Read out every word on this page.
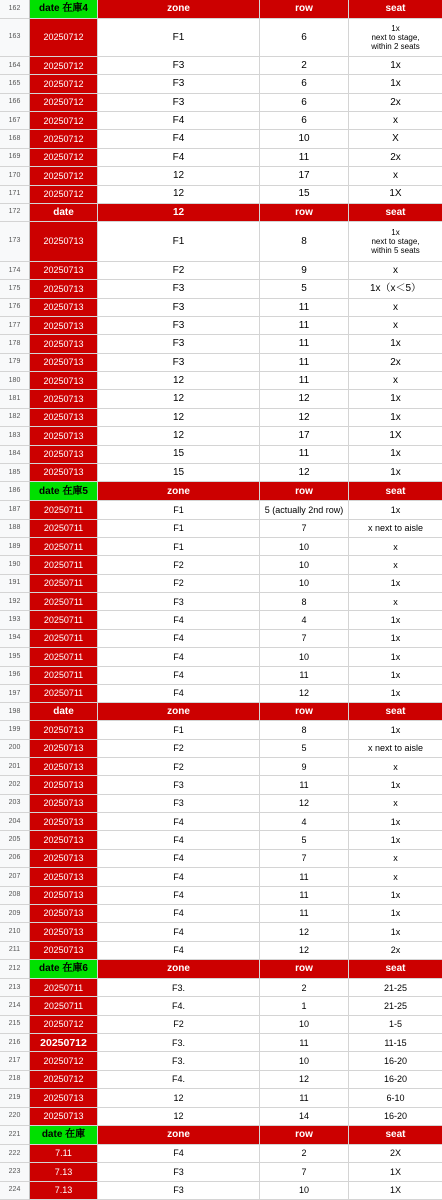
162	date 在庫4	zone	row	seat
163	20250712	F1	6
1x
next to stage,
within 2 seats
164	20250712	F3	2	1x
165	20250712	F3	6	1x
166	20250712	F3	6	2x
167	20250712	F4	6	x
168	20250712	F4	10	X
169	20250712	F4	11	2x
170	20250712	12	17	x
171	20250712	12	15	1X
172	date	12	row	seat
173	20250713	F1	8
1x
next to stage,
within 5 seats
174	20250713	F2	9	x
175	20250713	F3	5	1x（x＜5）
176	20250713	F3	11	x
177	20250713	F3	11	x
178	20250713	F3	11	1x
179	20250713	F3	11	2x
180	20250713	12	11	x
181	20250713	12	12	1x
182	20250713	12	12	1x
183	20250713	12	17	1X
184	20250713	15	11	1x
185	20250713	15	12	1x
186	date 在庫5	zone	row	seat
187	20250711	F1	5 (actually 2nd row)	1x
188	20250711	F1	7	x next to aisle
189	20250711	F1	10	x
190	20250711	F2	10	x
191	20250711	F2	10	1x
192	20250711	F3	8	x
193	20250711	F4	4	1x
194	20250711	F4	7	1x
195	20250711	F4	10	1x
196	20250711	F4	11	1x
197	20250711	F4	12	1x
198	date	zone	row	seat
199	20250713	F1	8	1x
200	20250713	F2	5	x next to aisle
201	20250713	F2	9	x
202	20250713	F3	11	1x
203	20250713	F3	12	x
204	20250713	F4	4	1x
205	20250713	F4	5	1x
206	20250713	F4	7	x
207	20250713	F4	11	x
208	20250713	F4	11	1x
209	20250713	F4	11	1x
210	20250713	F4	12	1x
211	20250713	F4	12	2x
212	date 在庫6	zone	row	seat
213	20250711	F3.	2	21-25
214	20250711	F4.	1	21-25
215	20250712	F2	10	1-5
216	20250712	F3.	11	11-15
217	20250712	F3.	10	16-20
218	20250712	F4.	12	16-20
219	20250713	12	11	6-10
220	20250713	12	14	16-20
221	date 在庫	zone	row	seat
222	7.11	F4	2	2X
223	7.13	F3	7	1X
224	7.13	F3	10	1X
